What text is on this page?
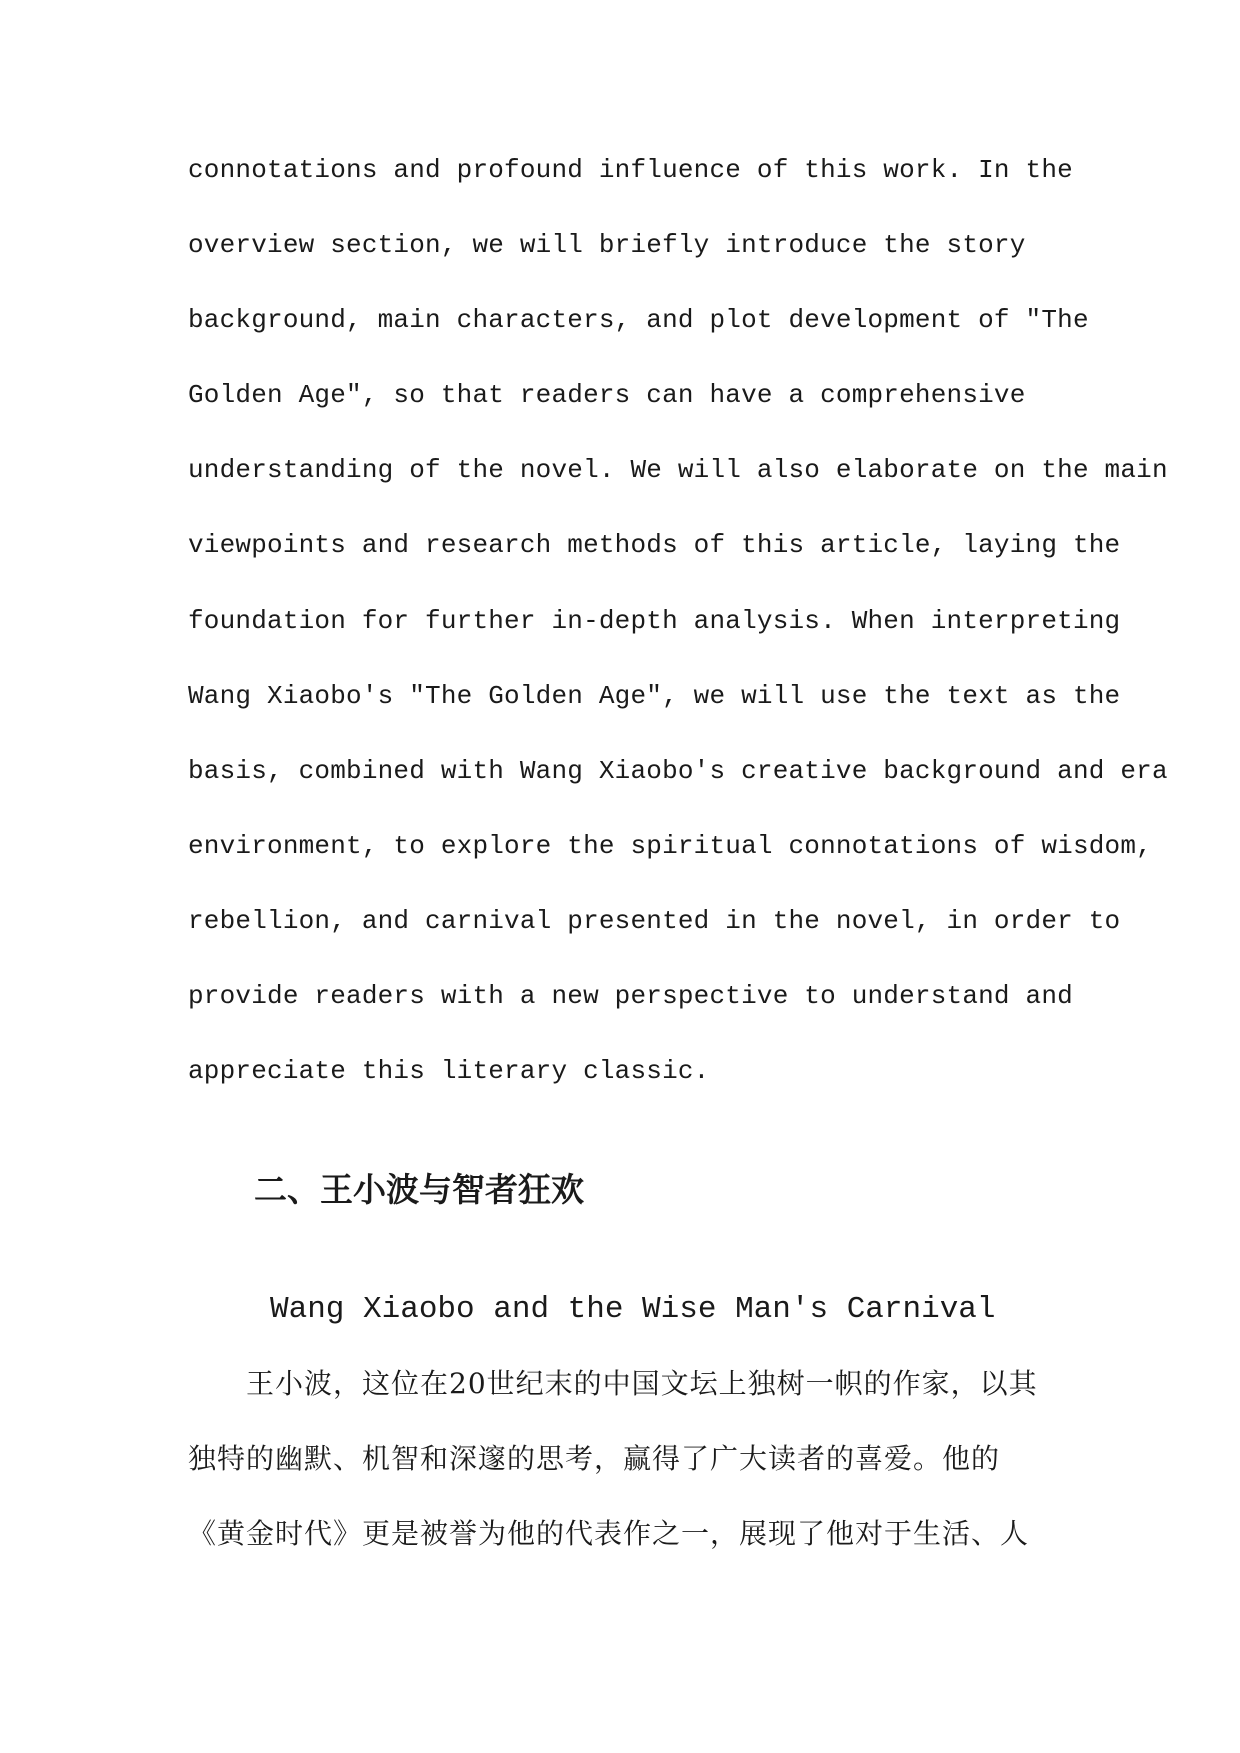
connotations and profound influence of this work. In the
overview section, we will briefly introduce the story
background, main characters, and plot development of "The
Golden Age", so that readers can have a comprehensive
understanding of the novel. We will also elaborate on the main
viewpoints and research methods of this article, laying the
foundation for further in-depth analysis. When interpreting
Wang Xiaobo's "The Golden Age", we will use the text as the
basis, combined with Wang Xiaobo's creative background and era
environment, to explore the spiritual connotations of wisdom,
rebellion, and carnival presented in the novel, in order to
provide readers with a new perspective to understand and
appreciate this literary classic.
二、王小波与智者狂欢
Wang Xiaobo and the Wise Man's Carnival
王小波，这位在20世纪末的中国文坛上独树一帜的作家，以其
独特的幽默、机智和深邃的思考，赢得了广大读者的喜爱。他的
《黄金时代》更是被誉为他的代表作之一，展现了他对于生活、人
